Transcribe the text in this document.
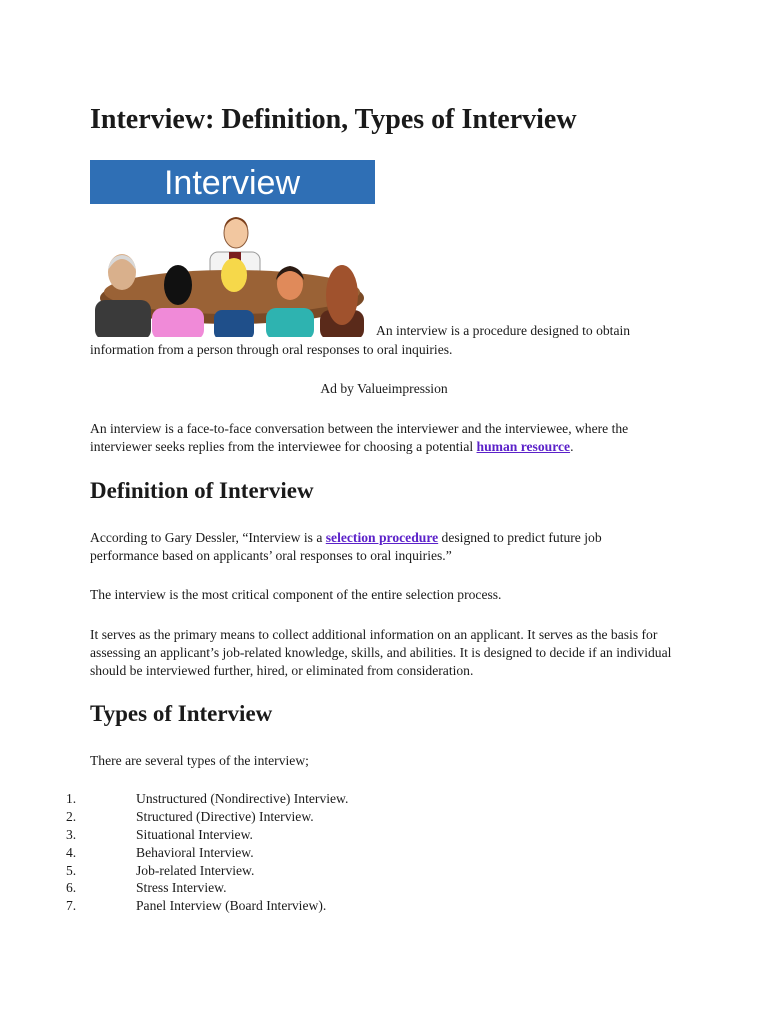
Interview: Definition, Types of Interview
Interview
An interview is a procedure designed to obtain
information from a person through oral responses to oral inquiries.
Ad by Valueimpression

An interview is a face-to-face conversation between the interviewer and the interviewee, where the interviewer seeks replies from the interviewee for choosing a potential human resource.

Definition of Interview

According to Gary Dessler, “Interview is a selection procedure designed to predict future job performance based on applicants’ oral responses to oral inquiries.”

The interview is the most critical component of the entire selection process.

It serves as the primary means to collect additional information on an applicant. It serves as the basis for assessing an applicant’s job-related knowledge, skills, and abilities. It is designed to decide if an individual should be interviewed further, hired, or eliminated from consideration.

Types of Interview

There are several types of the interview;

1.	Unstructured (Nondirective) Interview.
2.	Structured (Directive) Interview.
3.	Situational Interview.
4.	Behavioral Interview.
5.	Job-related Interview.
6.	Stress Interview.
7.	Panel Interview (Board Interview).
